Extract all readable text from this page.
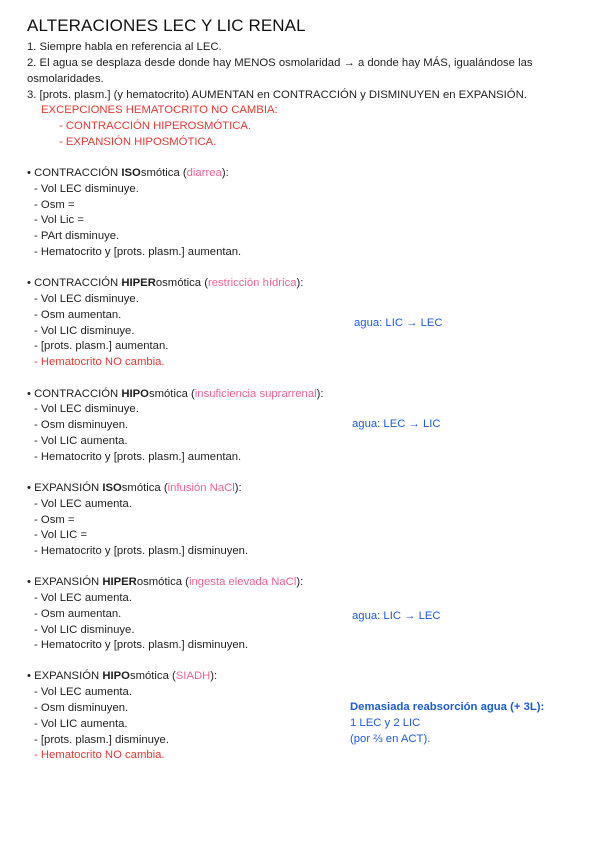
ALTERACIONES LEC Y LIC RENAL
1. Siempre habla en referencia al LEC.
2. El agua se desplaza desde donde hay MENOS osmolaridad → a donde hay MÁS, igualándose las
osmolaridades.
3. [prots. plasm.] (y hematocrito) AUMENTAN en CONTRACCIÓN y DISMINUYEN en EXPANSIÓN.
EXCEPCIONES HEMATOCRITO NO CAMBIA:
- CONTRACCIÓN HIPEROSMÓTICA.
- EXPANSIÓN HIPOSMÓTICA.
• CONTRACCIÓN ISOsmótica (diarrea):
- Vol LEC disminuye.
- Osm =
- Vol Lic =
- PArt disminuye.
- Hematocrito y [prots. plasm.] aumentan.
• CONTRACCIÓN HIPERosmótica (restricción hídrica):
- Vol LEC disminuye.
- Osm aumentan.
- Vol LIC disminuye.
- [prots. plasm.] aumentan.
- Hematocrito NO cambia.
agua: LIC → LEC
• CONTRACCIÓN HIPOsmótica (insuficiencia suprarrenal):
- Vol LEC disminuye.
- Osm disminuyen.
- Vol LIC aumenta.
- Hematocrito y [prots. plasm.] aumentan.
agua: LEC → LIC
• EXPANSIÓN ISOsmótica (infusión NaCl):
- Vol LEC aumenta.
- Osm =
- Vol LIC =
- Hematocrito y [prots. plasm.] disminuyen.
• EXPANSIÓN HIPERosmótica (ingesta elevada NaCl):
- Vol LEC aumenta.
- Osm aumentan.
- Vol LIC disminuye.
- Hematocrito y [prots. plasm.] disminuyen.
agua: LIC → LEC
• EXPANSIÓN HIPOsmótica (SIADH):
- Vol LEC aumenta.
- Osm disminuyen.
- Vol LIC aumenta.
- [prots. plasm.] disminuye.
- Hematocrito NO cambia.
Demasiada reabsorción agua (+ 3L):
1 LEC y 2 LIC
(por ⅔ en ACT).
